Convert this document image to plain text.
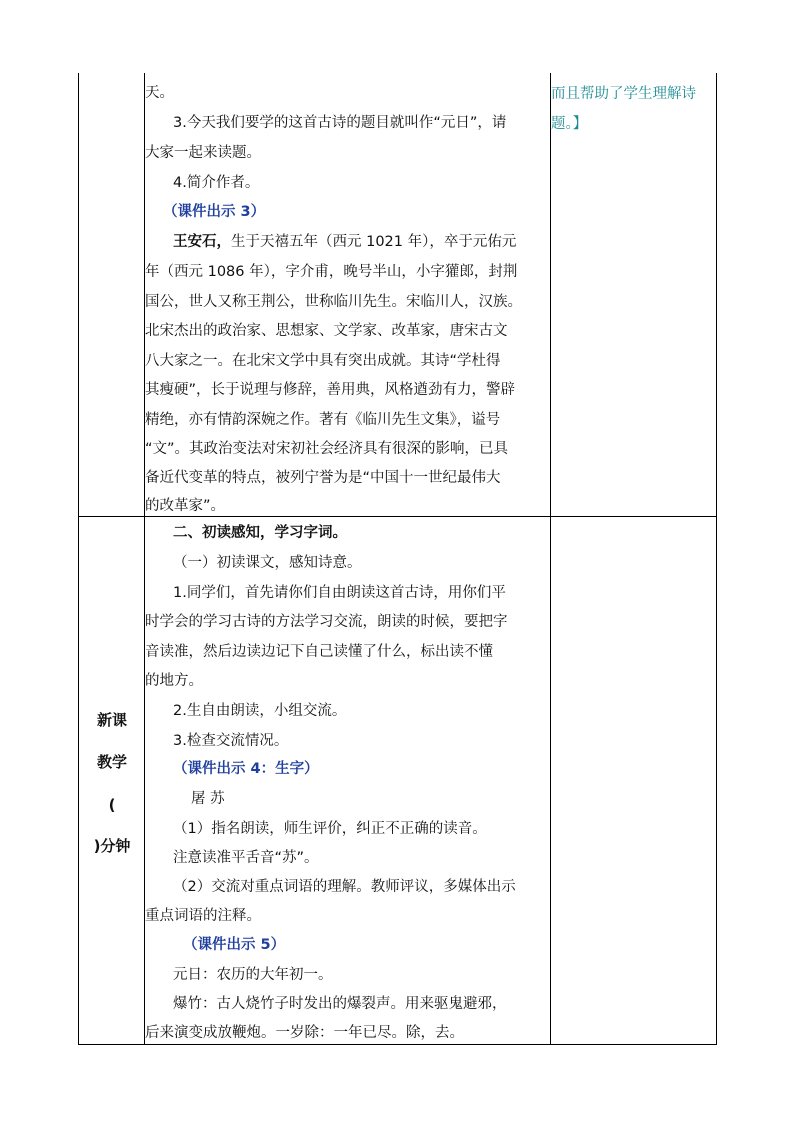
天。
3.今天我们要学的这首古诗的题目就叫作“元日”，请
大家一起来读题。
4.简介作者。
（课件出示 3）
王安石，生于天禧五年（西元 1021 年），卒于元佑元
年（西元 1086 年），字介甫，晚号半山，小字獾郎，封荆
国公，世人又称王荆公，世称临川先生。宋临川人，汉族。
北宋杰出的政治家、思想家、文学家、改革家，唐宋古文
八大家之一。在北宋文学中具有突出成就。其诗“学杜得
其瘦硬”，长于说理与修辞，善用典，风格遒劲有力，警辟
精绝，亦有情韵深婉之作。著有《临川先生文集》，谥号
“文”。其政治变法对宋初社会经济具有很深的影响，已具
备近代变革的特点，被列宁誉为是“中国十一世纪最伟大
的改革家”。
而且帮助了学生理解诗
题。】
新课
教学
(
)分钟
二、初读感知，学习字词。
（一）初读课文，感知诗意。
1.同学们，首先请你们自由朗读这首古诗，用你们平
时学会的学习古诗的方法学习交流，朗读的时候，要把字
音读准，然后边读边记下自己读懂了什么，标出读不懂
的地方。
2.生自由朗读，小组交流。
3.检查交流情况。
（课件出示 4：生字）
屠 苏
（1）指名朗读，师生评价，纠正不正确的读音。
注意读准平舌音“苏”。
（2）交流对重点词语的理解。教师评议，多媒体出示
重点词语的注释。
（课件出示 5）
元日：农历的大年初一。
爆竹：古人烧竹子时发出的爆裂声。用来驱鬼避邪，
后来演变成放鞭炮。一岁除：一年已尽。除，去。
